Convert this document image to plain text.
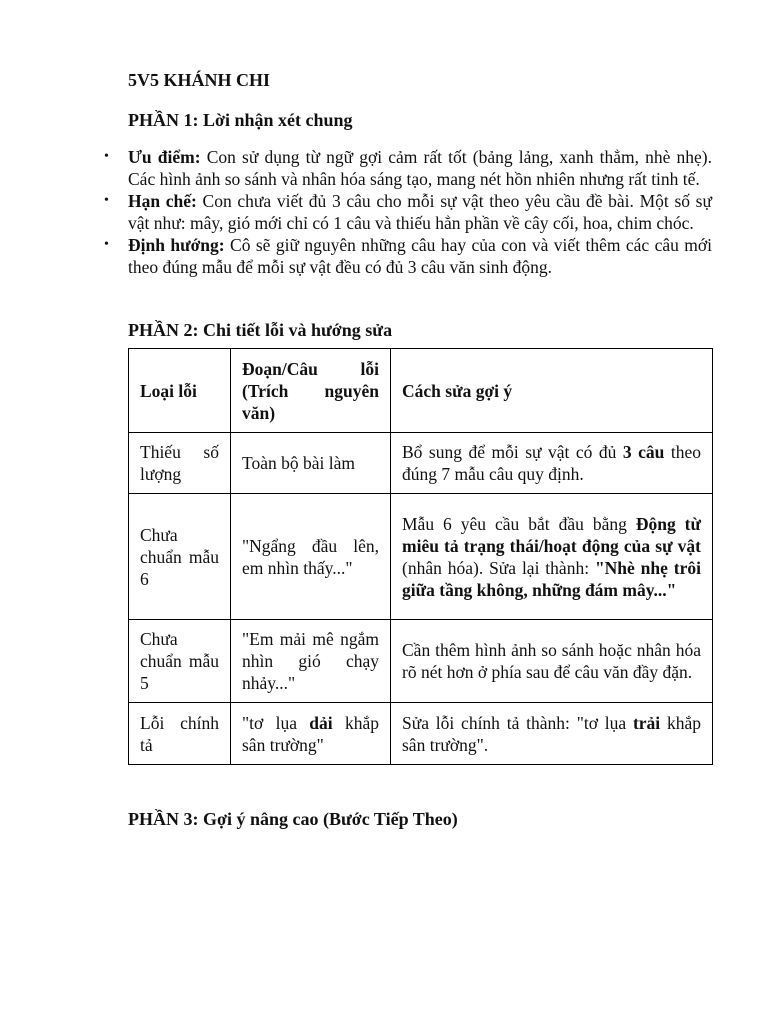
5V5 KHÁNH CHI
PHẦN 1: Lời nhận xét chung
• Ưu điểm: Con sử dụng từ ngữ gợi cảm rất tốt (bảng lảng, xanh thẳm, nhè nhẹ). Các hình ảnh so sánh và nhân hóa sáng tạo, mang nét hồn nhiên nhưng rất tinh tế.
• Hạn chế: Con chưa viết đủ 3 câu cho mỗi sự vật theo yêu cầu đề bài. Một số sự vật như: mây, gió mới chỉ có 1 câu và thiếu hẳn phần về cây cối, hoa, chim chóc.
• Định hướng: Cô sẽ giữ nguyên những câu hay của con và viết thêm các câu mới theo đúng mẫu để mỗi sự vật đều có đủ 3 câu văn sinh động.
PHẦN 2: Chi tiết lỗi và hướng sửa
Loại lỗi	Đoạn/Câu lỗi (Trích nguyên văn)	Cách sửa gợi ý
Thiếu số lượng	Toàn bộ bài làm	Bổ sung để mỗi sự vật có đủ 3 câu theo đúng 7 mẫu câu quy định.
Chưa chuẩn mẫu 6	"Ngẩng đầu lên, em nhìn thấy..."	Mẫu 6 yêu cầu bắt đầu bằng Động từ miêu tả trạng thái/hoạt động của sự vật (nhân hóa). Sửa lại thành: "Nhè nhẹ trôi giữa tầng không, những đám mây..."
Chưa chuẩn mẫu 5	"Em mải mê ngắm nhìn gió chạy nhảy..."	Cần thêm hình ảnh so sánh hoặc nhân hóa rõ nét hơn ở phía sau để câu văn đầy đặn.
Lỗi chính tả	"tơ lụa dải khắp sân trường"	Sửa lỗi chính tả thành: "tơ lụa trải khắp sân trường".
PHẦN 3: Gợi ý nâng cao (Bước Tiếp Theo)
